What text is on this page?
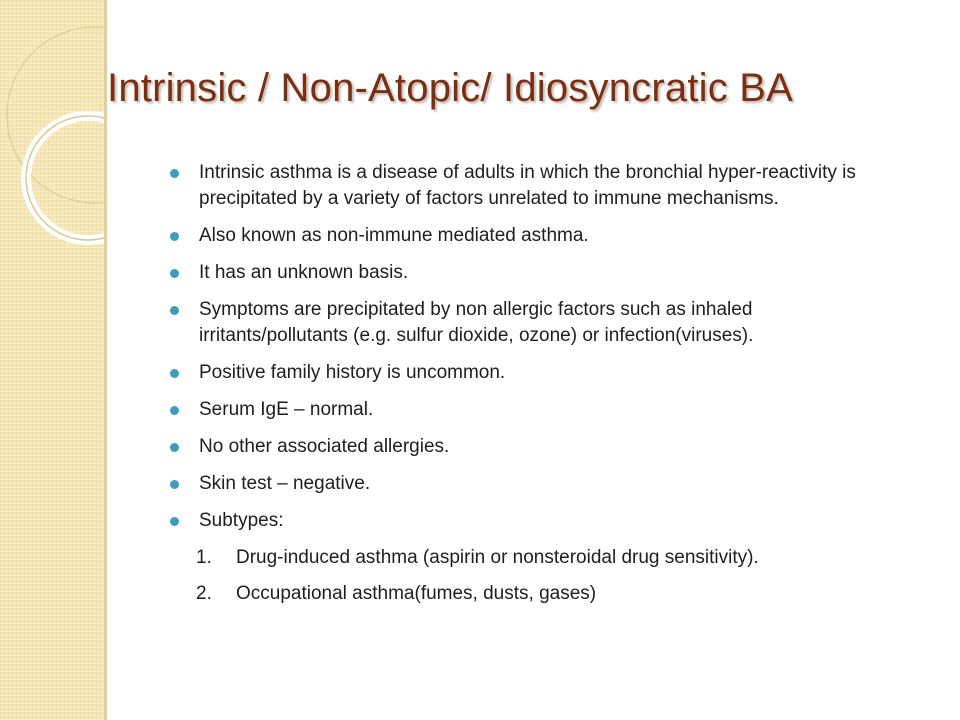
Intrinsic / Non-Atopic/ Idiosyncratic BA
Intrinsic asthma is a disease of adults in which the bronchial hyper-reactivity is precipitated by a variety of factors unrelated to immune mechanisms.
Also known as non-immune mediated asthma.
It has an unknown basis.
Symptoms are precipitated by non allergic factors such as inhaled irritants/pollutants (e.g. sulfur dioxide, ozone) or infection(viruses).
Positive family history is uncommon.
Serum IgE – normal.
No other associated allergies.
Skin test – negative.
Subtypes:
1. Drug-induced asthma (aspirin or nonsteroidal drug sensitivity).
2. Occupational asthma(fumes, dusts, gases)
